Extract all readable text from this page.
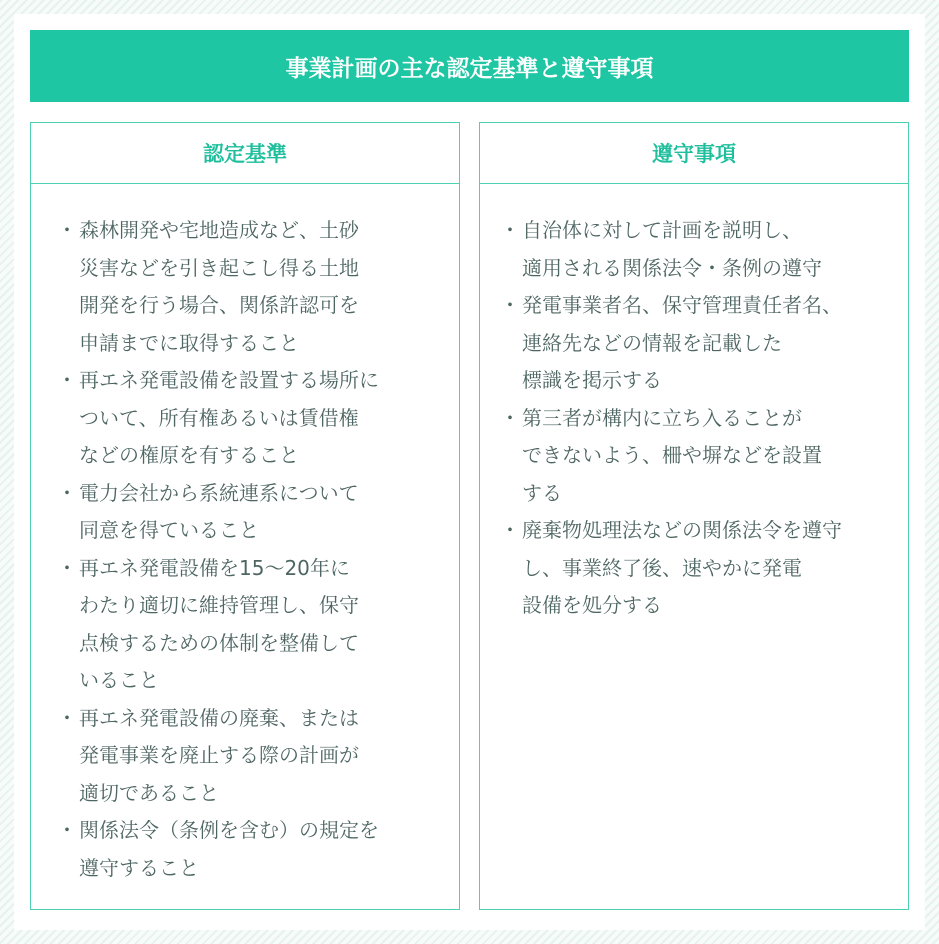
事業計画の主な認定基準と遵守事項
認定基準
・ 森林開発や宅地造成など、土砂
災害などを引き起こし得る土地
開発を行う場合、関係許認可を
申請までに取得すること
・ 再エネ発電設備を設置する場所に
ついて、所有権あるいは賃借権
などの権原を有すること
・ 電力会社から系統連系について
同意を得ていること
・ 再エネ発電設備を15～20年に
わたり適切に維持管理し、保守
点検するための体制を整備して
いること
・ 再エネ発電設備の廃棄、または
発電事業を廃止する際の計画が
適切であること
・ 関係法令（条例を含む）の規定を
遵守すること
遵守事項
・ 自治体に対して計画を説明し、
適用される関係法令・条例の遵守
・ 発電事業者名、保守管理責任者名、
連絡先などの情報を記載した
標識を掲示する
・ 第三者が構内に立ち入ることが
できないよう、柵や塀などを設置
する
・ 廃棄物処理法などの関係法令を遵守
し、事業終了後、速やかに発電
設備を処分する
